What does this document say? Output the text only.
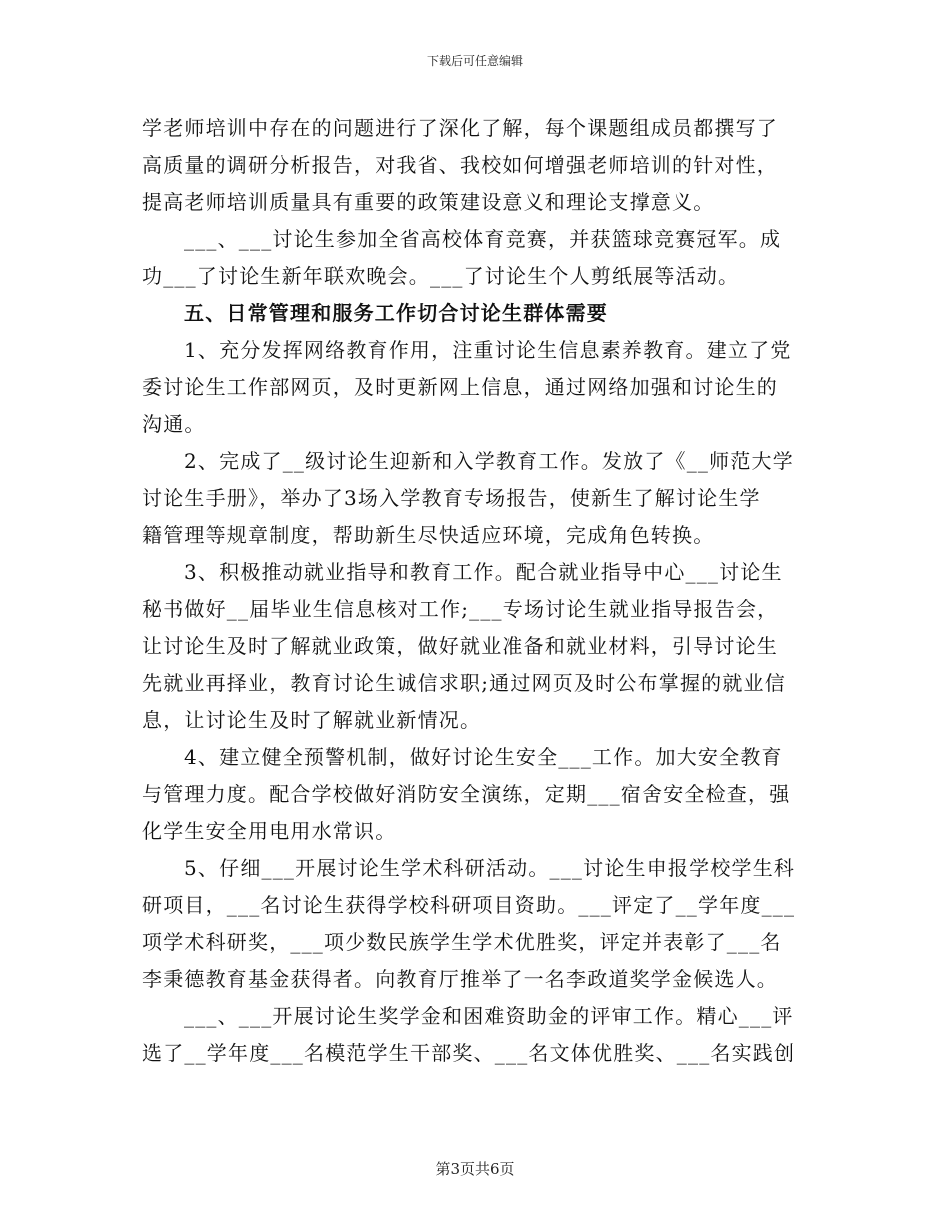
下载后可任意编辑
学老师培训中存在的问题进行了深化了解，每个课题组成员都撰写了
高质量的调研分析报告，对我省、我校如何增强老师培训的针对性，
提高老师培训质量具有重要的政策建设意义和理论支撑意义。
___、___讨论生参加全省高校体育竞赛，并获篮球竞赛冠军。成
功___了讨论生新年联欢晚会。___了讨论生个人剪纸展等活动。
五、日常管理和服务工作切合讨论生群体需要
1、充分发挥网络教育作用，注重讨论生信息素养教育。建立了党
委讨论生工作部网页，及时更新网上信息，通过网络加强和讨论生的
沟通。
2、完成了__级讨论生迎新和入学教育工作。发放了《__师范大学
讨论生手册》，举办了3场入学教育专场报告，使新生了解讨论生学
籍管理等规章制度，帮助新生尽快适应环境，完成角色转换。
3、积极推动就业指导和教育工作。配合就业指导中心___讨论生
秘书做好__届毕业生信息核对工作;___专场讨论生就业指导报告会，
让讨论生及时了解就业政策，做好就业准备和就业材料，引导讨论生
先就业再择业，教育讨论生诚信求职;通过网页及时公布掌握的就业信
息，让讨论生及时了解就业新情况。
4、建立健全预警机制，做好讨论生安全___工作。加大安全教育
与管理力度。配合学校做好消防安全演练，定期___宿舍安全检查，强
化学生安全用电用水常识。
5、仔细___开展讨论生学术科研活动。___讨论生申报学校学生科
研项目，___名讨论生获得学校科研项目资助。___评定了__学年度___
项学术科研奖，___项少数民族学生学术优胜奖，评定并表彰了___名
李秉德教育基金获得者。向教育厅推举了一名李政道奖学金候选人。
___、___开展讨论生奖学金和困难资助金的评审工作。精心___评
选了__学年度___名模范学生干部奖、___名文体优胜奖、___名实践创
第3页共6页
